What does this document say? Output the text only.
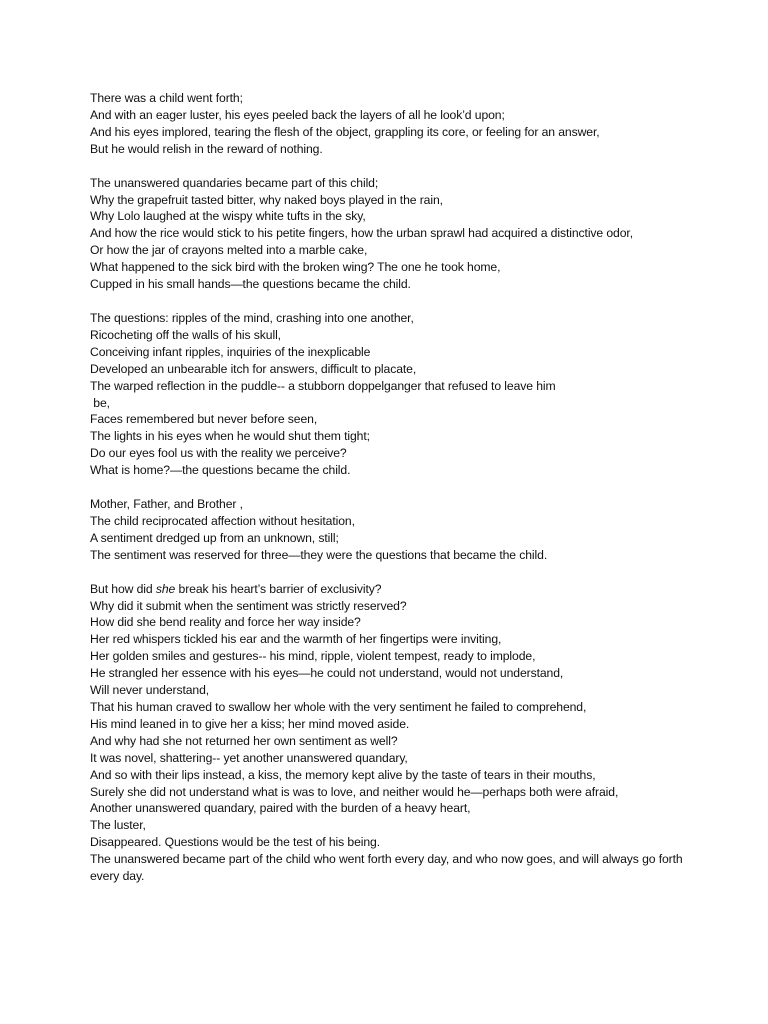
There was a child went forth;
And with an eager luster, his eyes peeled back the layers of all he look’d upon;
And his eyes implored, tearing the flesh of the object, grappling its core, or feeling for an answer,
But he would relish in the reward of nothing.
The unanswered quandaries became part of this child;
Why the grapefruit tasted bitter, why naked boys played in the rain,
Why Lolo laughed at the wispy white tufts in the sky,
And how the rice would stick to his petite fingers, how the urban sprawl had acquired a distinctive odor,
Or how the jar of crayons melted into a marble cake,
What happened to the sick bird with the broken wing? The one he took home,
Cupped in his small hands—the questions became the child.
The questions: ripples of the mind, crashing into one another,
Ricocheting off the walls of his skull,
Conceiving infant ripples, inquiries of the inexplicable
Developed an unbearable itch for answers, difficult to placate,
The warped reflection in the puddle-- a stubborn doppelganger that refused to leave him
be,
Faces remembered but never before seen,
The lights in his eyes when he would shut them tight;
Do our eyes fool us with the reality we perceive?
What is home?—the questions became the child.
Mother, Father, and Brother ,
The child reciprocated affection without hesitation,
A sentiment dredged up from an unknown, still;
The sentiment was reserved for three—they were the questions that became the child.
But how did she break his heart’s barrier of exclusivity?
Why did it submit when the sentiment was strictly reserved?
How did she bend reality and force her way inside?
Her red whispers tickled his ear and the warmth of her fingertips were inviting,
Her golden smiles and gestures-- his mind, ripple, violent tempest, ready to implode,
He strangled her essence with his eyes—he could not understand, would not understand,
Will never understand,
That his human craved to swallow her whole with the very sentiment he failed to comprehend,
His mind leaned in to give her a kiss; her mind moved aside.
And why had she not returned her own sentiment as well?
It was novel, shattering-- yet another unanswered quandary,
And so with their lips instead, a kiss, the memory kept alive by the taste of tears in their mouths,
Surely she did not understand what is was to love, and neither would he—perhaps both were afraid,
Another unanswered quandary, paired with the burden of a heavy heart,
The luster,
Disappeared. Questions would be the test of his being.
The unanswered became part of the child who went forth every day, and who now goes, and will always go forth every day.
